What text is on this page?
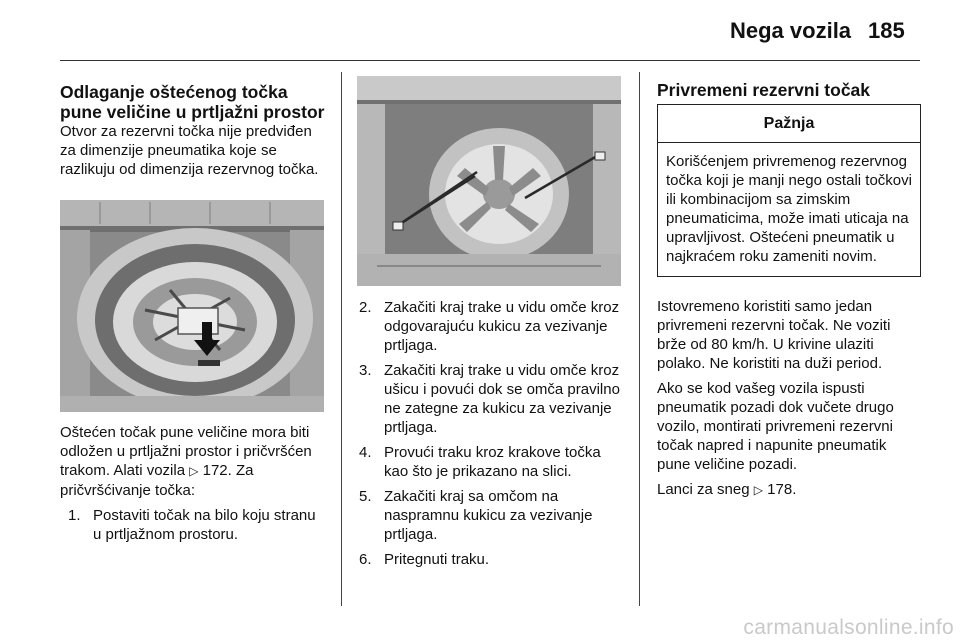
Nega vozila 185
Odlaganje oštećenog točka
pune veličine u prtljažni prostor

Otvor za rezervni točka nije predviđen za dimenzije pneumatika koje se razlikuju od dimenzija rezervnog točka.

Oštećen točak pune veličine mora biti odložen u prtljažni prostor i pričvršćen trakom. Alati vozila ▷ 172. Za pričvršćivanje točka:

1. Postaviti točak na bilo koju stranu u prtljažnom prostoru.
2. Zakačiti kraj trake u vidu omče kroz odgovarajuću kukicu za vezivanje prtljaga.
3. Zakačiti kraj trake u vidu omče kroz ušicu i povući dok se omča pravilno ne zategne za kukicu za vezivanje prtljaga.
4. Provući traku kroz krakove točka kao što je prikazano na slici.
5. Zakačiti kraj sa omčom na naspramnu kukicu za vezivanje prtljaga.
6. Pritegnuti traku.
Privremeni rezervni točak
Pažnja
Korišćenjem privremenog rezervnog točka koji je manji nego ostali točkovi ili kombinacijom sa zimskim pneumaticima, može imati uticaja na upravljivost. Oštećeni pneumatik u najkraćem roku zameniti novim.

Istovremeno koristiti samo jedan privremeni rezervni točak. Ne voziti brže od 80 km/h. U krivine ulaziti polako. Ne koristiti na duži period.

Ako se kod vašeg vozila ispusti pneumatik pozadi dok vučete drugo vozilo, montirati privremeni rezervni točak napred i napunite pneumatik pune veličine pozadi.

Lanci za sneg ▷ 178.

carmanualsonline.info
